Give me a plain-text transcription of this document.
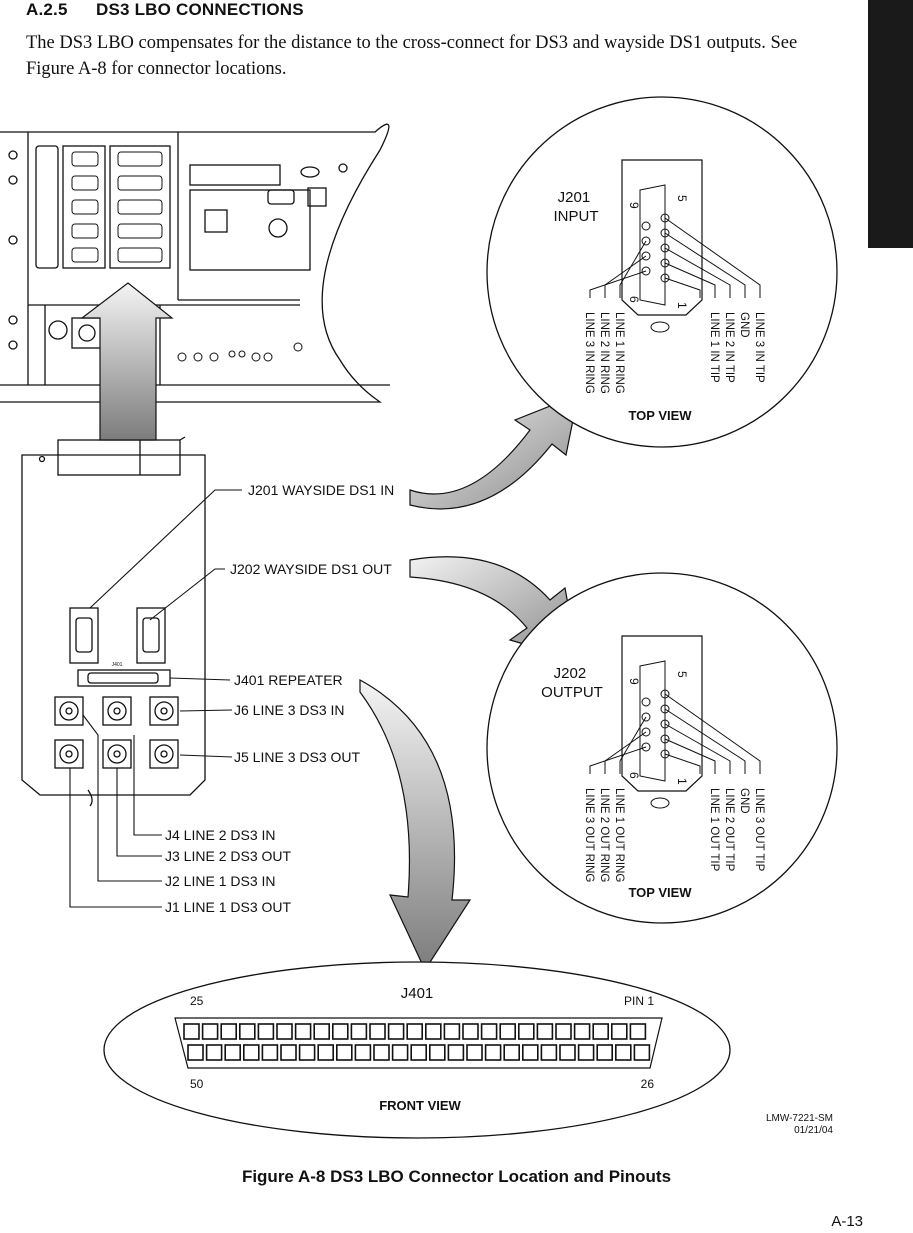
A.2.5 DS3 LBO CONNECTIONS
The DS3 LBO compensates for the distance to the cross-connect for DS3 and wayside DS1 outputs. See Figure A-8 for connector locations.
J401
J201 WAYSIDE DS1 IN
J202 WAYSIDE DS1 OUT
J401 REPEATER
J6 LINE 3 DS3 IN
J5 LINE 3 DS3 OUT
J4 LINE 2 DS3 IN
J3 LINE 2 DS3 OUT
J2 LINE 1 DS3 IN
J1 LINE 1 DS3 OUT
5
9
6
1
J201 INPUT
LINE 3 IN TIP
GND
LINE 2 IN TIP
LINE 1 IN TIP
LINE 1 IN RING
LINE 2 IN RING
LINE 3 IN RING
TOP VIEW
5
9
6
1
J202 OUTPUT
LINE 3 OUT TIP
GND
LINE 2 OUT TIP
LINE 1 OUT TIP
LINE 1 OUT RING
LINE 2 OUT RING
LINE 3 OUT RING
TOP VIEW
J401
25	PIN 1
50	26
FRONT VIEW
LMW-7221-SM
01/21/04
Figure A-8 DS3 LBO Connector Location and Pinouts
A-13
